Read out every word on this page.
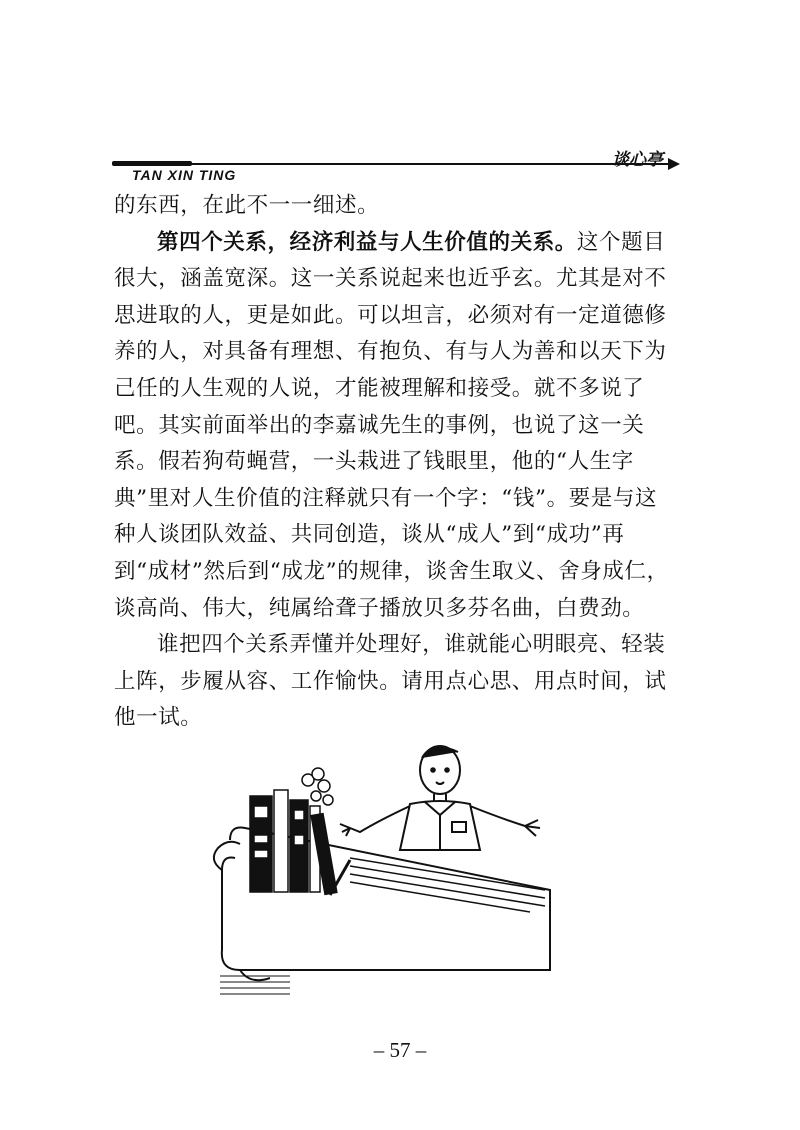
TAN XIN TING
谈心亭

的东西，在此不一一细述。

第四个关系，经济利益与人生价值的关系。这个题目很大，涵盖宽深。这一关系说起来也近乎玄。尤其是对不思进取的人，更是如此。可以坦言，必须对有一定道德修养的人，对具备有理想、有抱负、有与人为善和以天下为己任的人生观的人说，才能被理解和接受。就不多说了吧。其实前面举出的李嘉诚先生的事例，也说了这一关系。假若狗苟蝇营，一头栽进了钱眼里，他的“人生字典”里对人生价值的注释就只有一个字：“钱”。要是与这种人谈团队效益、共同创造，谈从“成人”到“成功”再到“成材”然后到“成龙”的规律，谈舍生取义、舍身成仁，谈高尚、伟大，纯属给聋子播放贝多芬名曲，白费劲。

谁把四个关系弄懂并处理好，谁就能心明眼亮、轻装上阵，步履从容、工作愉快。请用点心思、用点时间，试他一试。

– 57 –
